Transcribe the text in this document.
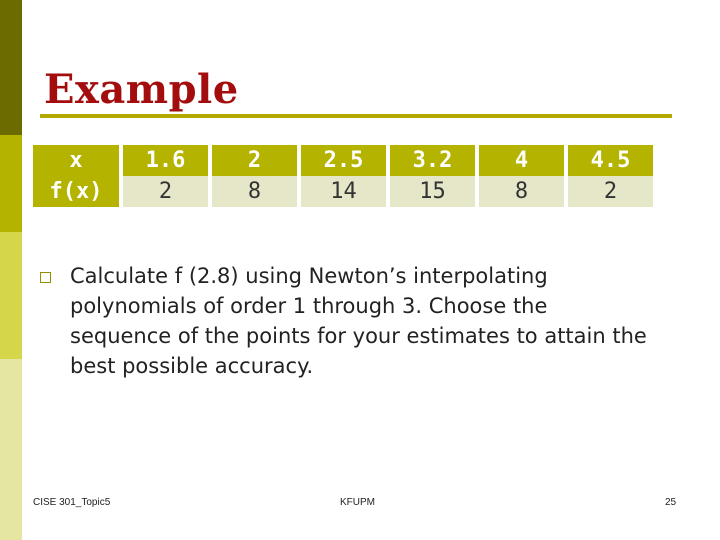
Example
x		1.6		2		2.5		3.2		4		4.5
f(x)		2		8		14		15		8		2
Calculate f (2.8) using Newton’s interpolating polynomials of order 1 through 3. Choose the sequence of the points for your estimates to attain the best possible accuracy.
CISE 301_Topic5	KFUPM	25
